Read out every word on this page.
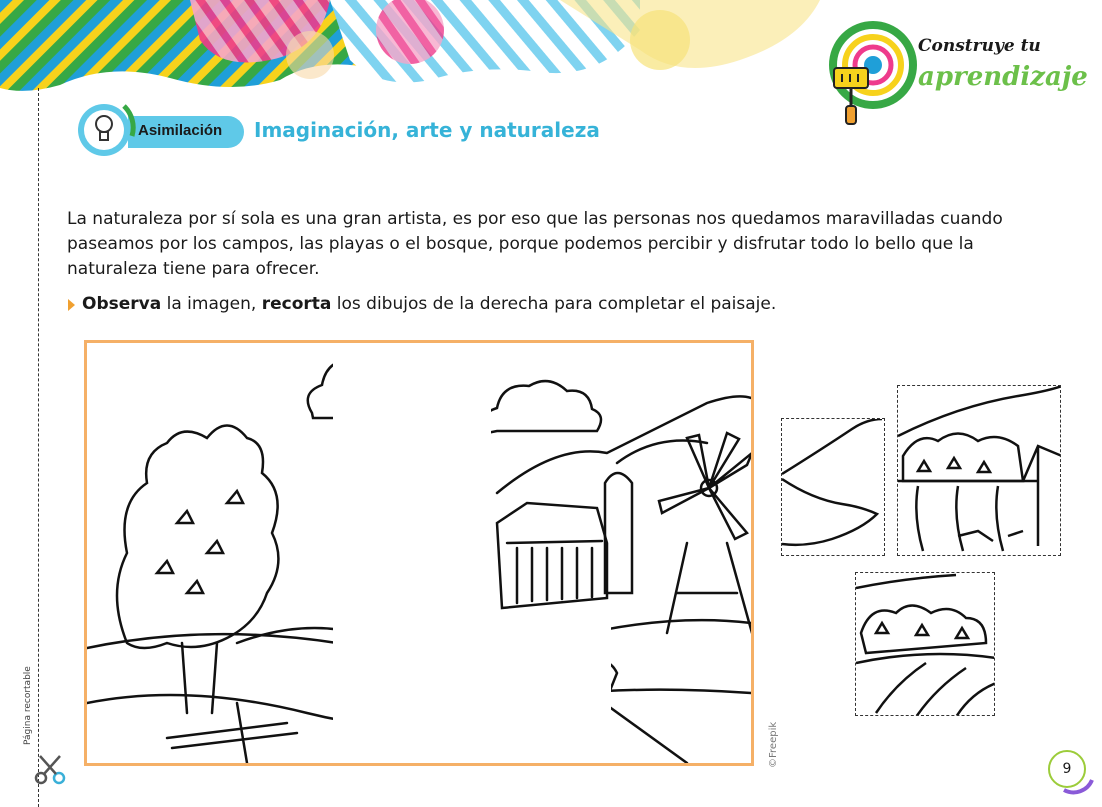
Página recortable
Construye tu
aprendizaje
Asimilación Imaginación, arte y naturaleza

La naturaleza por sí sola es una gran artista, es por eso que las personas nos quedamos maravilladas cuando paseamos por los campos, las playas o el bosque, porque podemos percibir y disfrutar todo lo bello que la naturaleza tiene para ofrecer.

Observa la imagen, recorta los dibujos de la derecha para completar el paisaje.
©Freepik
9
